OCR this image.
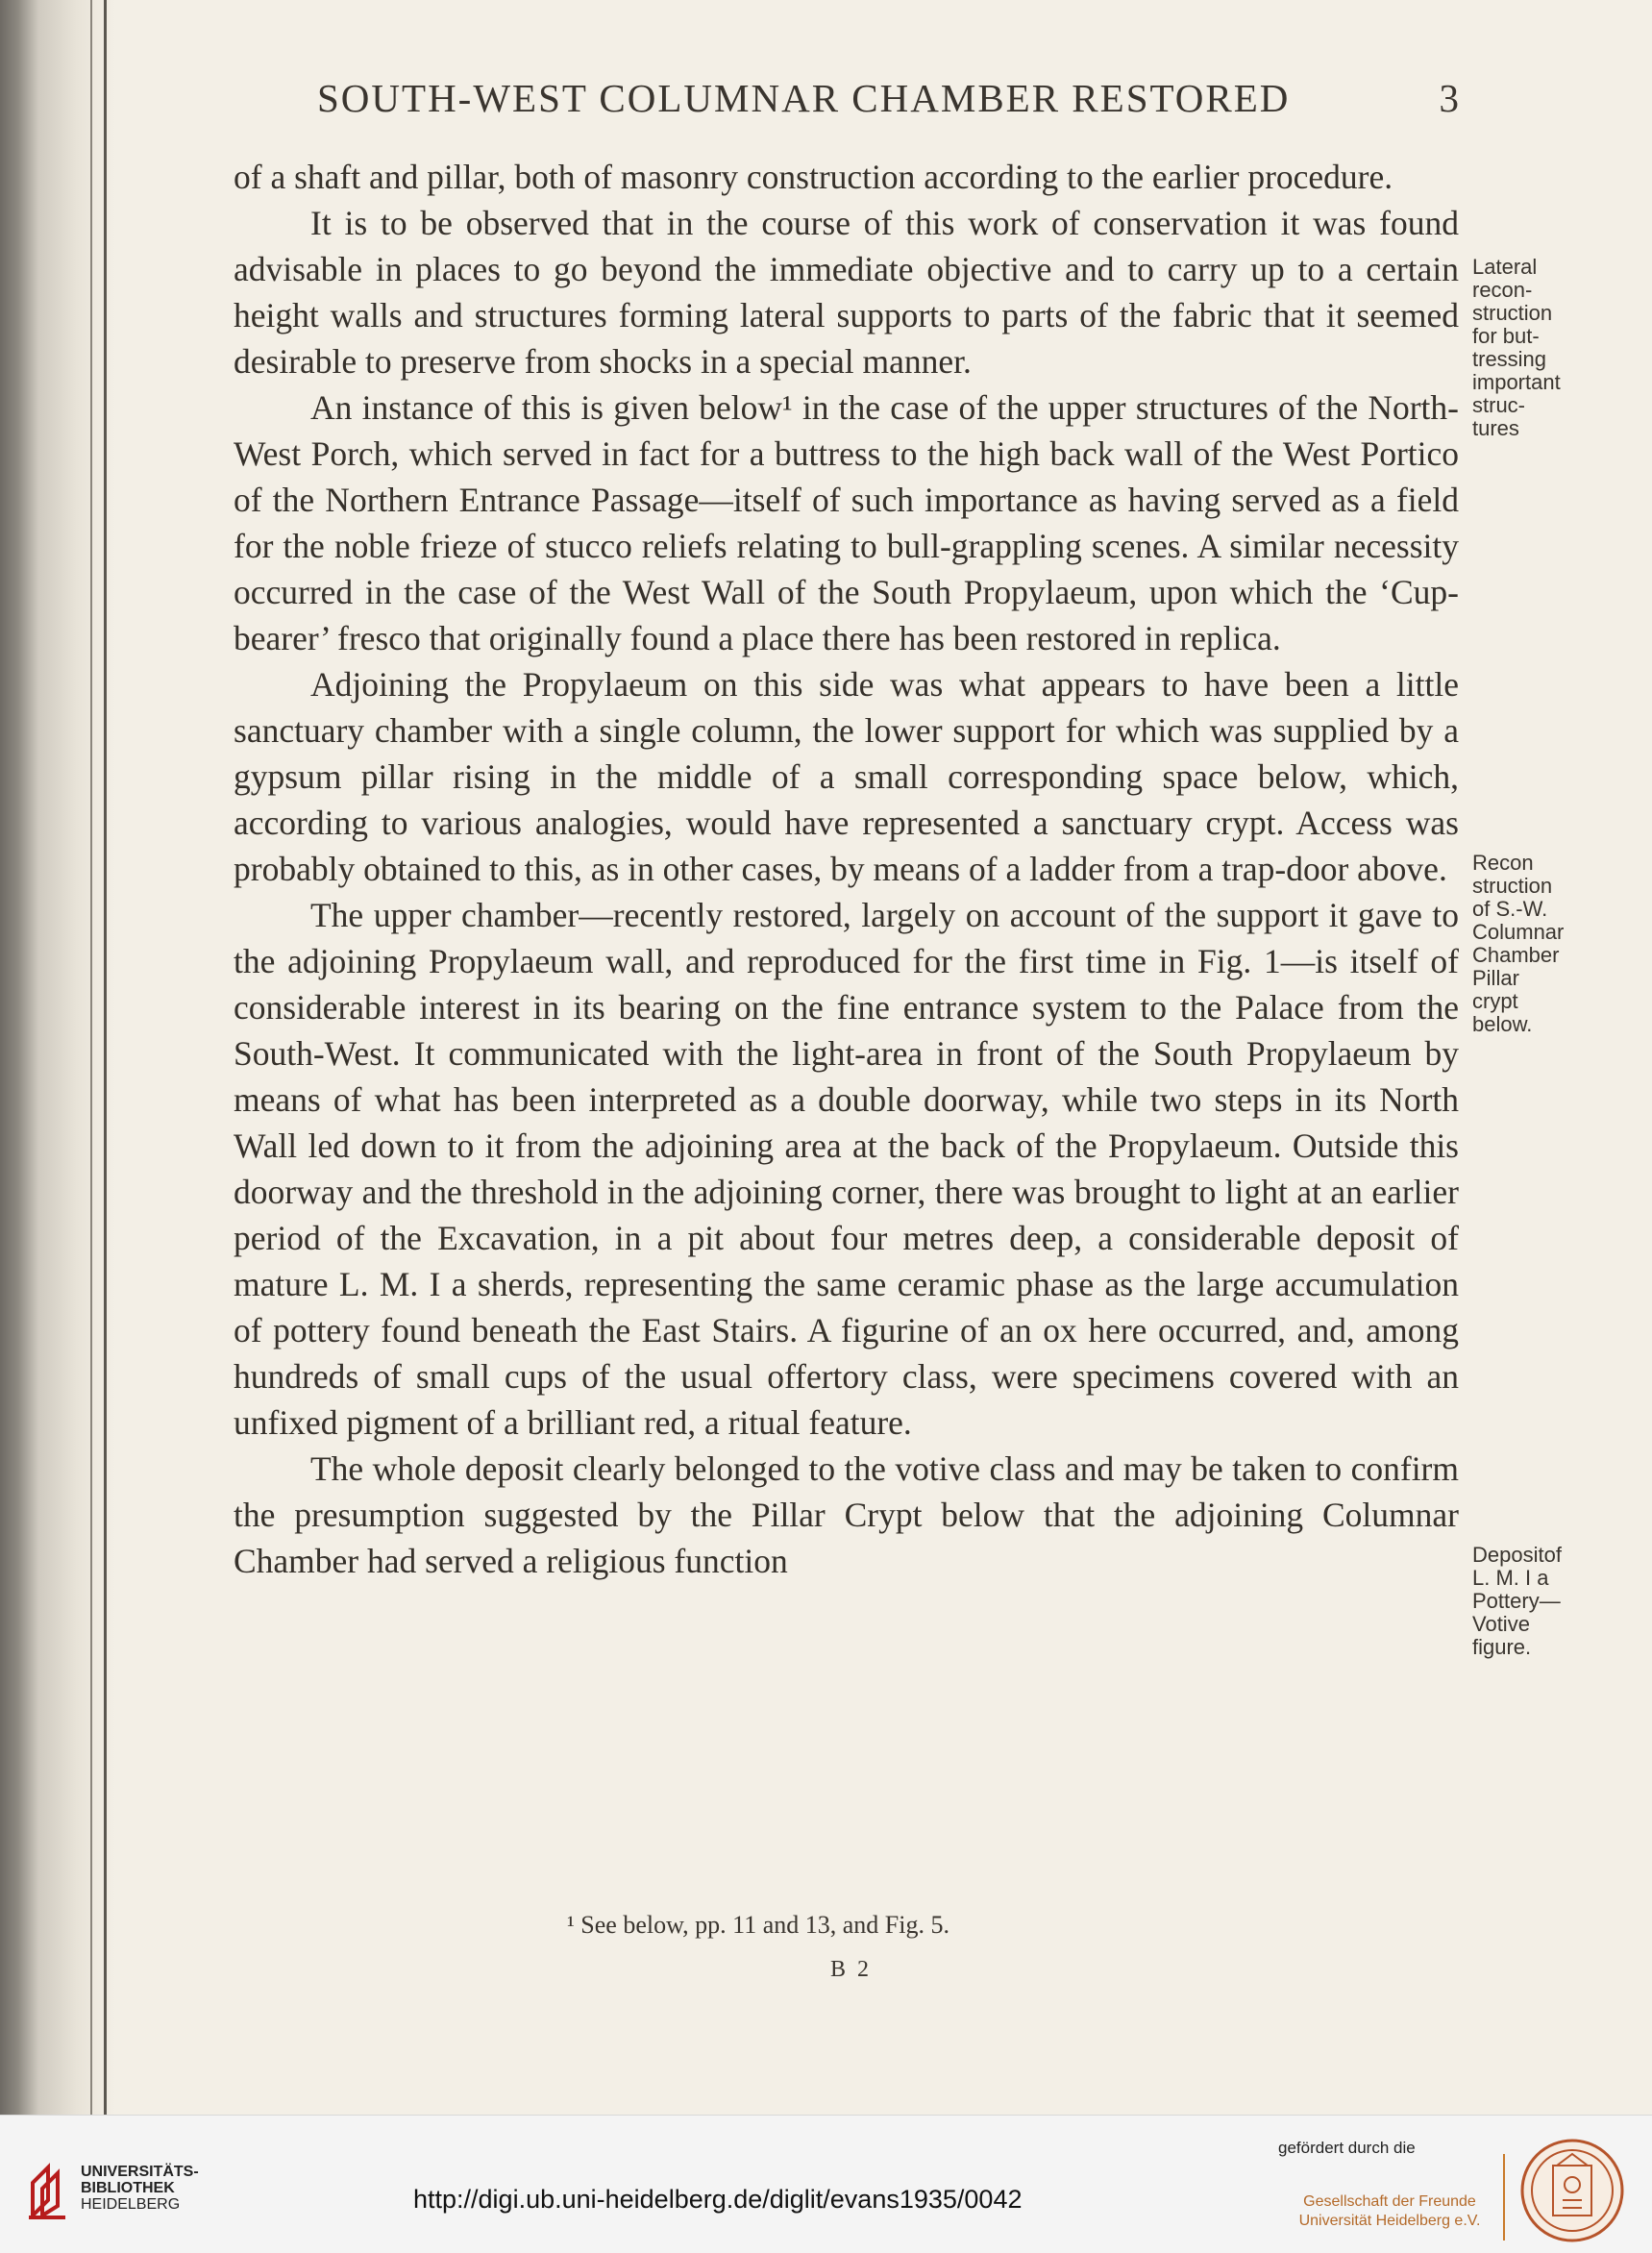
SOUTH-WEST COLUMNAR CHAMBER RESTORED	3

of a shaft and pillar, both of masonry construction according to the earlier procedure.

It is to be observed that in the course of this work of conservation it was found advisable in places to go beyond the immediate objective and to carry up to a certain height walls and structures forming lateral supports to parts of the fabric that it seemed desirable to preserve from shocks in a special manner.

An instance of this is given below¹ in the case of the upper structures of the North-West Porch, which served in fact for a buttress to the high back wall of the West Portico of the Northern Entrance Passage—itself of such importance as having served as a field for the noble frieze of stucco reliefs relating to bull-grappling scenes. A similar necessity occurred in the case of the West Wall of the South Propylaeum, upon which the ‘Cup-bearer’ fresco that originally found a place there has been restored in replica.

Adjoining the Propylaeum on this side was what appears to have been a little sanctuary chamber with a single column, the lower support for which was supplied by a gypsum pillar rising in the middle of a small corresponding space below, which, according to various analogies, would have represented a sanctuary crypt. Access was probably obtained to this, as in other cases, by means of a ladder from a trap-door above.

The upper chamber—recently restored, largely on account of the support it gave to the adjoining Propylaeum wall, and reproduced for the first time in Fig. 1—is itself of considerable interest in its bearing on the fine entrance system to the Palace from the South-West. It communicated with the light-area in front of the South Propylaeum by means of what has been interpreted as a double doorway, while two steps in its North Wall led down to it from the adjoining area at the back of the Propylaeum. Outside this doorway and the threshold in the adjoining corner, there was brought to light at an earlier period of the Excavation, in a pit about four metres deep, a considerable deposit of mature L. M. I a sherds, representing the same ceramic phase as the large accumulation of pottery found beneath the East Stairs. A figurine of an ox here occurred, and, among hundreds of small cups of the usual offertory class, were specimens covered with an unfixed pigment of a brilliant red, a ritual feature.

The whole deposit clearly belonged to the votive class and may be taken to confirm the presumption suggested by the Pillar Crypt below that the adjoining Columnar Chamber had served a religious function

Lateral
recon-
struction
for but-
tressing
important
struc-
tures
Recon
struction
of S.-W.
Columnar
Chamber
Pillar
crypt
below.
Depositof
L. M. I a
Pottery—
Votive
figure.
¹ See below, pp. 11 and 13, and Fig. 5.
B 2
UNIVERSITÄTS-
BIBLIOTHEK
HEIDELBERG	http://digi.ub.uni-heidelberg.de/diglit/evans1935/0042
gefördert durch die
Gesellschaft der Freunde
Universität Heidelberg e.V.
